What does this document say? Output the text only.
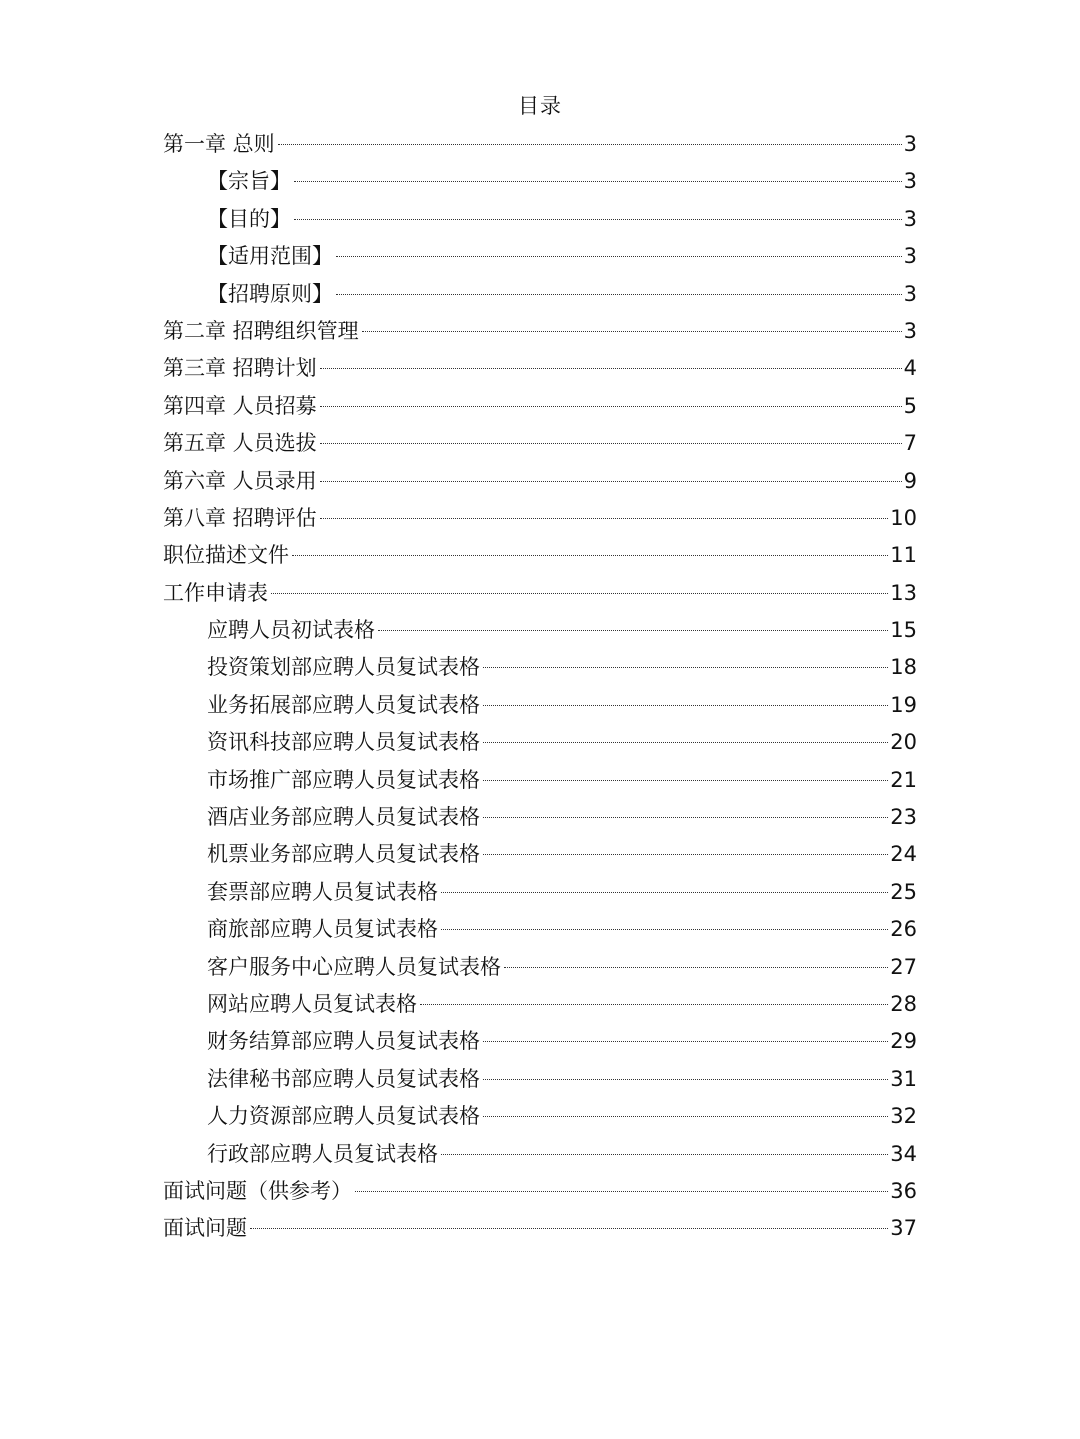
目录
第一章 总则	3
【宗旨】	3
【目的】	3
【适用范围】	3
【招聘原则】	3
第二章 招聘组织管理	3
第三章 招聘计划	4
第四章 人员招募	5
第五章 人员选拔	7
第六章 人员录用	9
第八章 招聘评估	10
职位描述文件	11
工作申请表	13
应聘人员初试表格	15
投资策划部应聘人员复试表格	18
业务拓展部应聘人员复试表格	19
资讯科技部应聘人员复试表格	20
市场推广部应聘人员复试表格	21
酒店业务部应聘人员复试表格	23
机票业务部应聘人员复试表格	24
套票部应聘人员复试表格	25
商旅部应聘人员复试表格	26
客户服务中心应聘人员复试表格	27
网站应聘人员复试表格	28
财务结算部应聘人员复试表格	29
法律秘书部应聘人员复试表格	31
人力资源部应聘人员复试表格	32
行政部应聘人员复试表格	34
面试问题（供参考）	36
面试问题	37
